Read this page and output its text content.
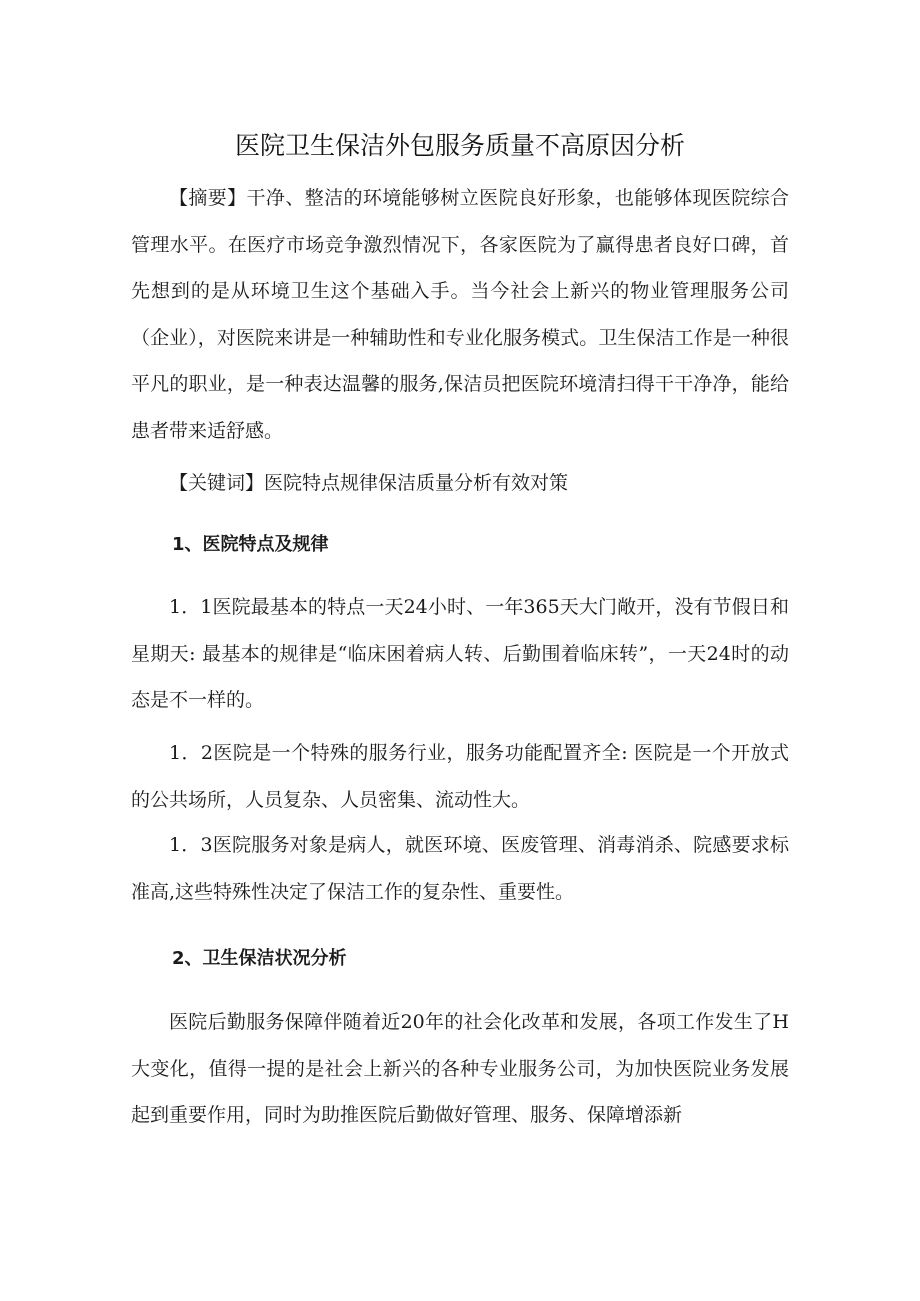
医院卫生保洁外包服务质量不高原因分析

【摘要】干净、整洁的环境能够树立医院良好形象，也能够体现医院综合管理水平。在医疗市场竞争激烈情况下，各家医院为了赢得患者良好口碑，首先想到的是从环境卫生这个基础入手。当今社会上新兴的物业管理服务公司（企业），对医院来讲是一种辅助性和专业化服务模式。卫生保洁工作是一种很平凡的职业，是一种表达温馨的服务,保洁员把医院环境清扫得干干净净，能给患者带来适舒感。

【关键词】医院特点规律保洁质量分析有效对策

1、医院特点及规律

1．1医院最基本的特点一天24小时、一年365天大门敞开，没有节假日和星期天: 最基本的规律是“临床困着病人转、后勤围着临床转”，一天24时的动态是不一样的。

1．2医院是一个特殊的服务行业，服务功能配置齐全: 医院是一个开放式的公共场所，人员复杂、人员密集、流动性大。

1．3医院服务对象是病人，就医环境、医废管理、消毒消杀、院感要求标准高,这些特殊性决定了保洁工作的复杂性、重要性。

2、卫生保洁状况分析

医院后勤服务保障伴随着近20年的社会化改革和发展，各项工作发生了H大变化，值得一提的是社会上新兴的各种专业服务公司，为加快医院业务发展起到重要作用，同时为助推医院后勤做好管理、服务、保障增添新
